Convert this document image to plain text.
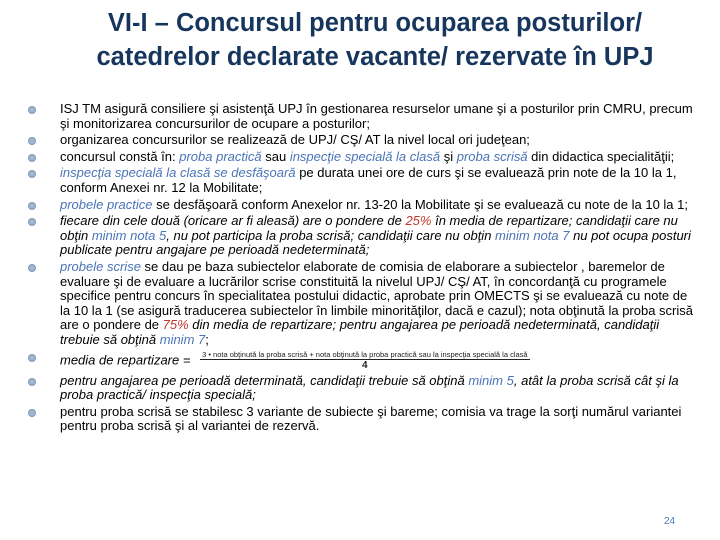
VI-I – Concursul pentru ocuparea posturilor/
catedrelor declarate vacante/ rezervate în UPJ
ISJ TM asigură consiliere şi asistenţă UPJ în gestionarea resurselor umane şi a posturilor prin CMRU, precum şi monitorizarea concursurilor de ocupare a posturilor;
organizarea concursurilor se realizează de UPJ/ CŞ/ AT la nivel local ori judeţean;
concursul constă în: proba practică sau inspecţie specială la clasă şi proba scrisă din didactica specialităţii;
inspecţia specială la clasă se desfăşoară pe durata unei ore de curs şi se evaluează prin note de la 10 la 1, conform Anexei nr. 12 la Mobilitate;
probele practice se desfăşoară conform Anexelor nr. 13-20 la Mobilitate şi se evaluează cu note de la 10 la 1;
fiecare din cele două (oricare ar fi aleasă) are o pondere de 25% în media de repartizare; candidaţii care nu obţin minim nota 5, nu pot participa la proba scrisă; candidaţii care nu obţin minim nota 7 nu pot ocupa posturi publicate pentru angajare pe perioadă nedeterminată;
probele scrise se dau pe baza subiectelor elaborate de comisia de elaborare a subiectelor , baremelor de evaluare şi de evaluare a lucrărilor scrise constituită la nivelul UPJ/ CŞ/ AT, în concordanţă cu programele specifice pentru concurs în specialitatea postului didactic, aprobate prin OMECTS şi se evaluează cu note de la 10 la 1 (se asigură traducerea subiectelor în limbile minorităţilor, dacă e cazul); nota obţinută la proba scrisă are o pondere de 75% din media de repartizare; pentru angajarea pe perioadă nedeterminată, candidaţii trebuie să obţină minim 7;
media de repartizare = 3 • nota obţinută la proba scrisă + nota obţinută la proba practică sau la inspecţia specială la clasă
4
pentru angajarea pe perioadă determinată, candidaţii trebuie să obţină minim 5, atât la proba scrisă cât şi la proba practică/ inspecţia specială;
pentru proba scrisă se stabilesc 3 variante de subiecte şi bareme; comisia va trage la sorţi numărul variantei pentru proba scrisă şi al variantei de rezervă.
24
